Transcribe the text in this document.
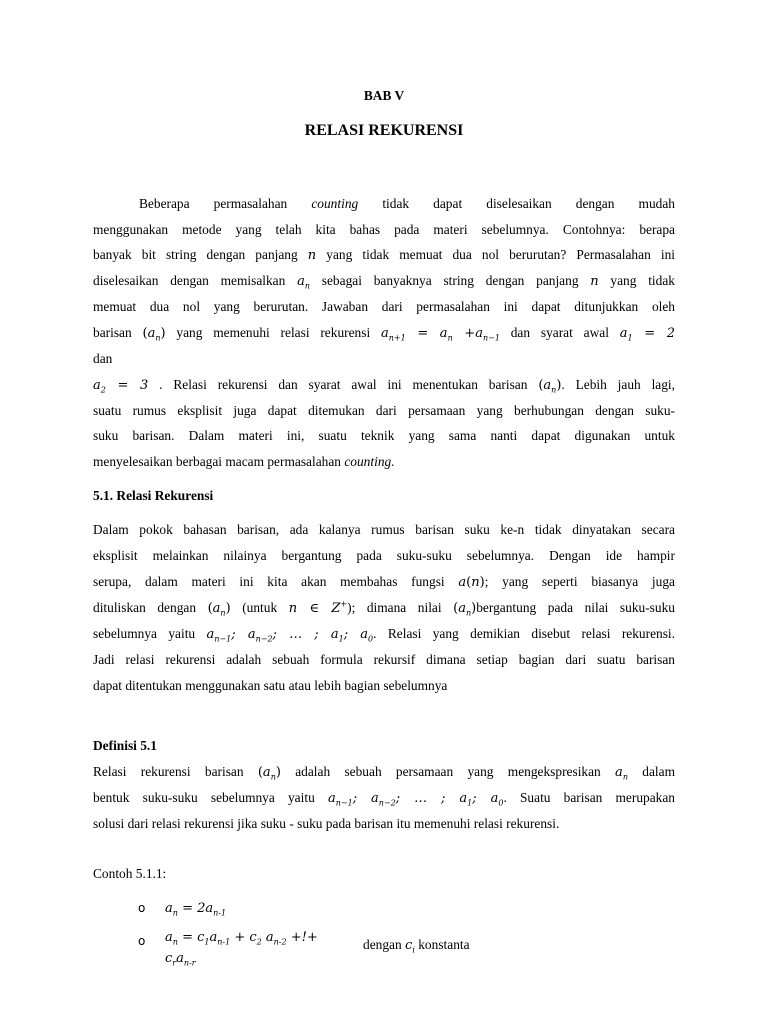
BAB V
RELASI REKURENSI
Beberapa permasalahan counting tidak dapat diselesaikan dengan mudah
menggunakan metode yang telah kita bahas pada materi sebelumnya. Contohnya: berapa
banyak bit string dengan panjang n yang tidak memuat dua nol berurutan? Permasalahan ini
diselesaikan dengan memisalkan $a_n$ sebagai banyaknya string dengan panjang n yang tidak
memuat dua nol yang berurutan. Jawaban dari permasalahan ini dapat ditunjukkan oleh
barisan $(a_n)$ yang memenuhi relasi rekurensi $a_{n+1} = a_n +a_{n-1}$ dan syarat awal $a_1 = 2$
dan
$a_2 = 3$ . Relasi rekurensi dan syarat awal ini menentukan barisan $(a_n)$. Lebih jauh lagi,
suatu rumus eksplisit juga dapat ditemukan dari persamaan yang berhubungan dengan suku-
suku barisan. Dalam materi ini, suatu teknik yang sama nanti dapat digunakan untuk
menyelesaikan berbagai macam permasalahan counting.
5.1. Relasi Rekurensi
Dalam pokok bahasan barisan, ada kalanya rumus barisan suku ke-n tidak dinyatakan secara
eksplisit melainkan nilainya bergantung pada suku-suku sebelumnya. Dengan ide hampir
serupa, dalam materi ini kita akan membahas fungsi a(n); yang seperti biasanya juga
dituliskan dengan $(a_n)$ (untuk n ∈ Z+); dimana nilai $(a_n)bergantung$ pada nilai suku-suku
sebelumnya yaitu $a_{n-1}$; $a_{n-2}$; … ; $a_1$; $a_0$. Relasi yang demikian disebut relasi rekurensi.
Jadi relasi rekurensi adalah sebuah formula rekursif dimana setiap bagian dari suatu barisan
dapat ditentukan menggunakan satu atau lebih bagian sebelumnya
Definisi 5.1
Relasi rekurensi barisan $(a_n)$ adalah sebuah persamaan yang mengekspresikan $a_n$ dalam
bentuk suku-suku sebelumnya yaitu $a_{n-1}$; $a_{n-2}$; … ; $a_1$; $a_0$. Suatu barisan merupakan
solusi dari relasi rekurensi jika suku - suku pada barisan itu memenuhi relasi rekurensi.
Contoh 5.1.1:
o $a_n = 2a_{n-1}$
o $a_n = c_1a_{n-1} + c_2$ $a_{n-2}$ +!+
$c_ra_{n-r}$
dengan $c_i$ konstanta
